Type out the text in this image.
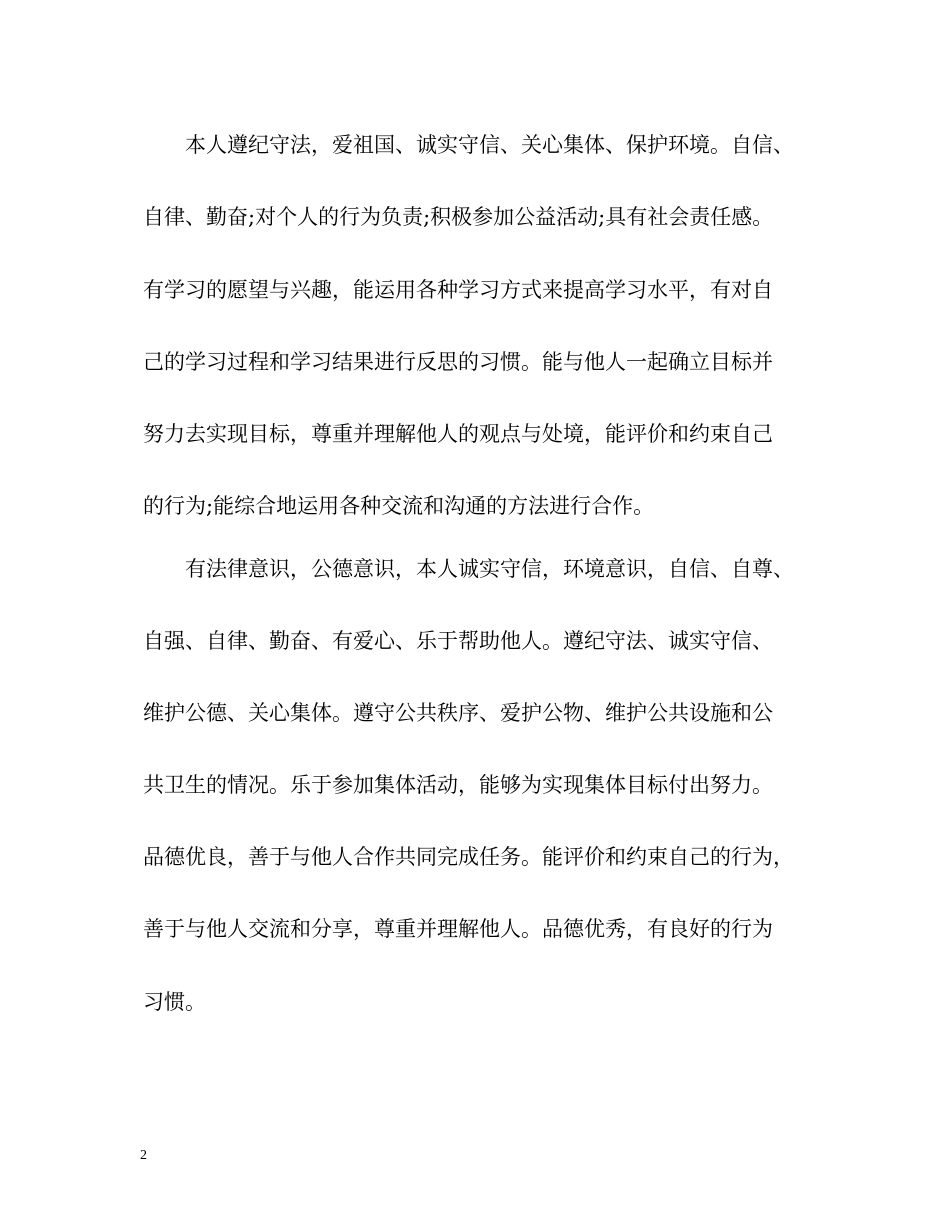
本人遵纪守法，爱祖国、诚实守信、关心集体、保护环境。自信、
自律、勤奋;对个人的行为负责;积极参加公益活动;具有社会责任感。
有学习的愿望与兴趣，能运用各种学习方式来提高学习水平，有对自
己的学习过程和学习结果进行反思的习惯。能与他人一起确立目标并
努力去实现目标，尊重并理解他人的观点与处境，能评价和约束自己
的行为;能综合地运用各种交流和沟通的方法进行合作。
有法律意识，公德意识，本人诚实守信，环境意识，自信、自尊、
自强、自律、勤奋、有爱心、乐于帮助他人。遵纪守法、诚实守信、
维护公德、关心集体。遵守公共秩序、爱护公物、维护公共设施和公
共卫生的情况。乐于参加集体活动，能够为实现集体目标付出努力。
品德优良，善于与他人合作共同完成任务。能评价和约束自己的行为，
善于与他人交流和分享，尊重并理解他人。品德优秀，有良好的行为
习惯。
2
